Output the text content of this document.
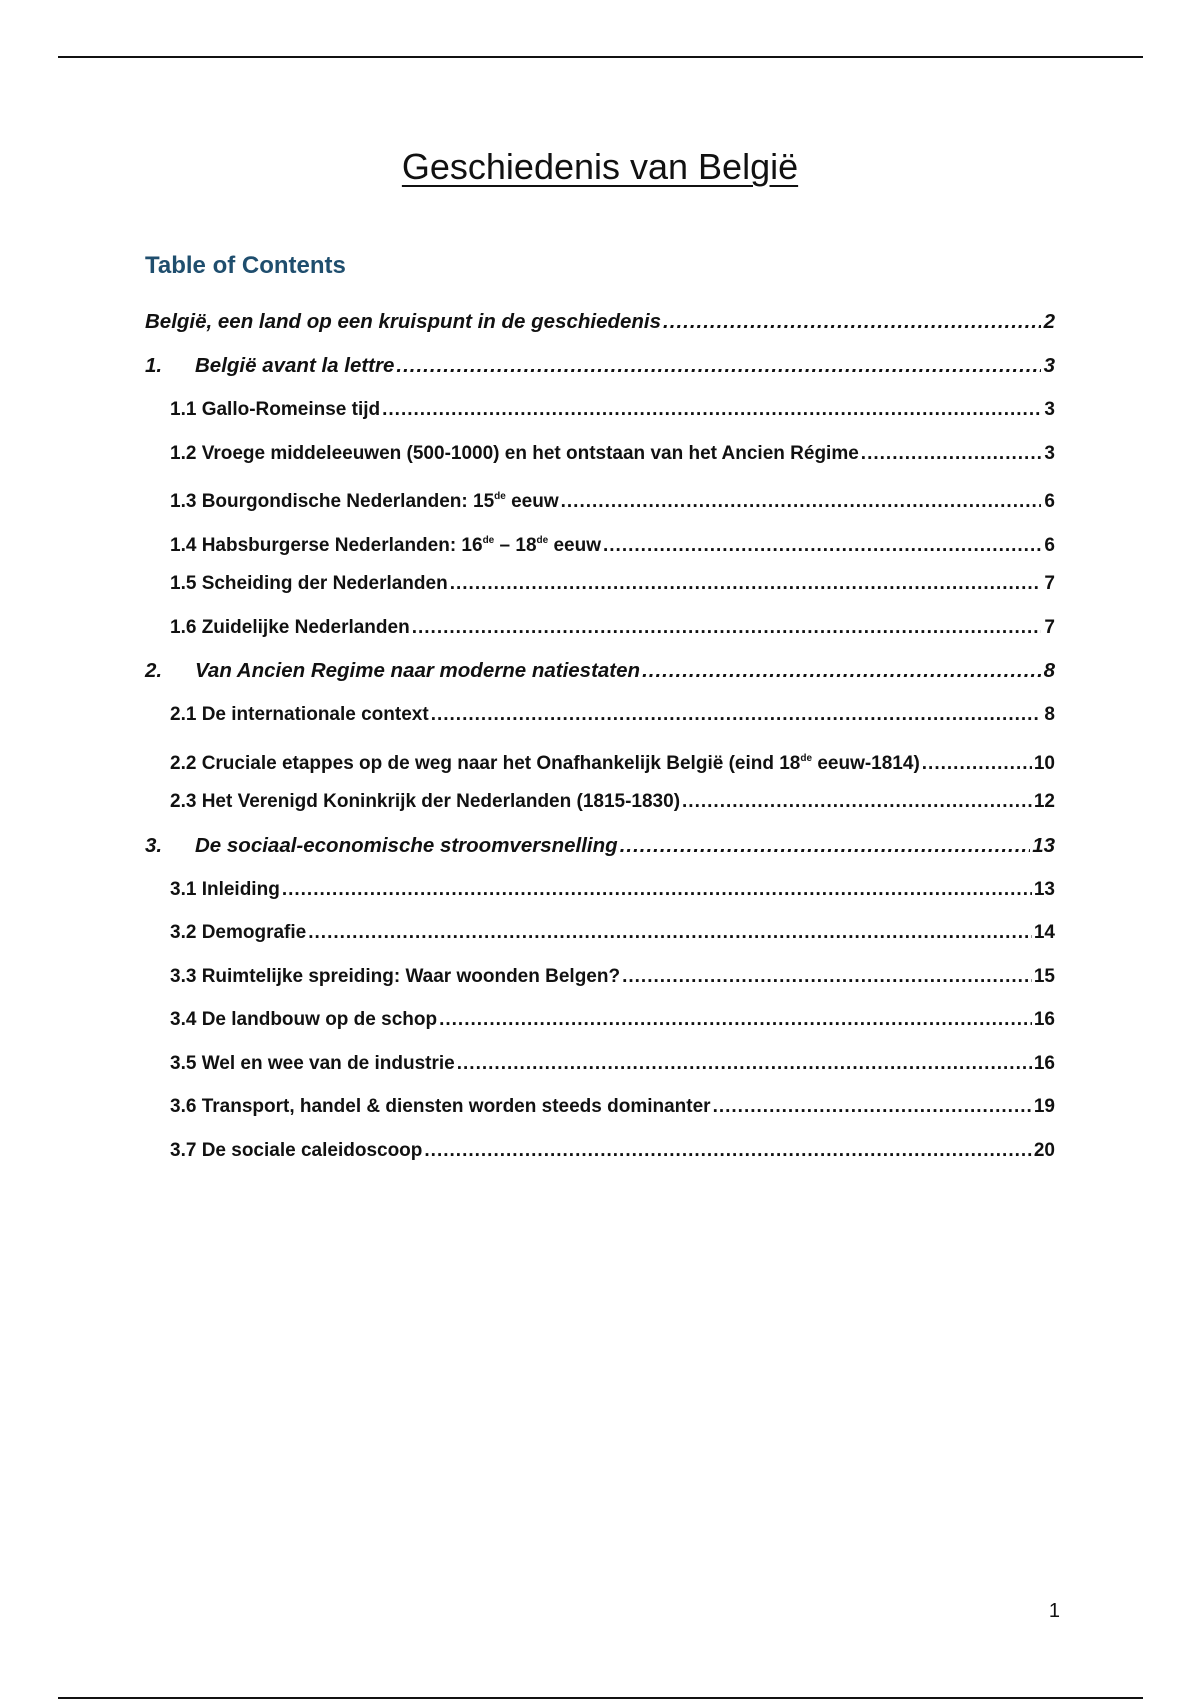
Geschiedenis van België
Table of Contents
België, een land op een kruispunt in de geschiedenis .....	2
1.	België avant la lettre .....	3
1.1 Gallo-Romeinse tijd .....	3
1.2 Vroege middeleeuwen (500-1000) en het ontstaan van het Ancien Régime .....	3
1.3 Bourgondische Nederlanden: 15de eeuw .....	6
1.4 Habsburgerse Nederlanden: 16de – 18de eeuw .....	6
1.5 Scheiding der Nederlanden .....	7
1.6 Zuidelijke Nederlanden .....	7
2.	Van Ancien Regime naar moderne natiestaten .....	8
2.1 De internationale context .....	8
2.2 Cruciale etappes op de weg naar het Onafhankelijk België (eind 18de eeuw-1814) .....	10
2.3 Het Verenigd Koninkrijk der Nederlanden (1815-1830) .....	12
3.	De sociaal-economische stroomversnelling .....	13
3.1 Inleiding .....	13
3.2 Demografie .....	14
3.3 Ruimtelijke spreiding: Waar woonden Belgen? .....	15
3.4 De landbouw op de schop .....	16
3.5 Wel en wee van de industrie .....	16
3.6 Transport, handel & diensten worden steeds dominanter .....	19
3.7 De sociale caleidoscoop .....	20
1
